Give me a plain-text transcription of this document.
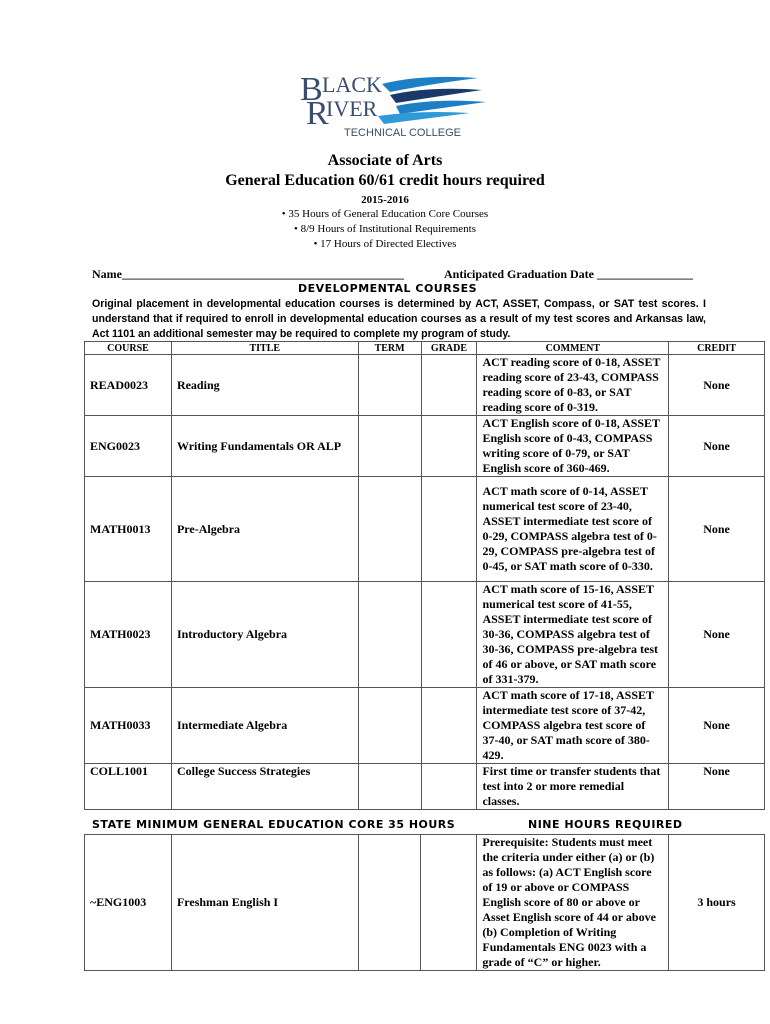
B LACK
R
IVER
TECHNICAL COLLEGE
Associate of Arts
General Education 60/61 credit hours required
2015-2016
• 35 Hours of General Education Core Courses
• 8/9 Hours of Institutional Requirements
• 17 Hours of Directed Electives
Name_______________________________________________	Anticipated Graduation Date ________________
DEVELOPMENTAL COURSES
Original placement in developmental education courses is determined by ACT, ASSET, Compass, or SAT test scores. I understand that if required to enroll in developmental education courses as a result of my test scores and Arkansas law, Act 1101 an additional semester may be required to complete my program of study.
COURSE	TITLE	TERM	GRADE	COMMENT	CREDIT
READ0023	Reading			ACT reading score of 0-18, ASSET reading score of 23-43, COMPASS reading score of 0-83, or SAT reading score of 0-319.	None
ENG0023	Writing Fundamentals OR ALP			ACT English score of 0-18, ASSET English score of 0-43, COMPASS writing score of 0-79, or SAT English score of 360-469.	None
MATH0013	Pre-Algebra			ACT math score of 0-14, ASSET numerical test score of 23-40, ASSET intermediate test score of 0-29, COMPASS algebra test of 0-29, COMPASS pre-algebra test of 0-45, or SAT math score of 0-330.	None
MATH0023	Introductory Algebra			ACT math score of 15-16, ASSET numerical test score of 41-55, ASSET intermediate test score of 30-36, COMPASS algebra test of 30-36, COMPASS pre-algebra test of 46 or above, or SAT math score of 331-379.	None
MATH0033	Intermediate Algebra			ACT math score of 17-18, ASSET intermediate test score of 37-42, COMPASS algebra test score of 37-40, or SAT math score of 380-429.	None
COLL1001	College Success Strategies			First time or transfer students that test into 2 or more remedial classes.	None
STATE MINIMUM GENERAL EDUCATION CORE 35 HOURS	NINE HOURS REQUIRED
~ENG1003	Freshman English I			Prerequisite: Students must meet the criteria under either (a) or (b) as follows: (a) ACT English score of 19 or above or COMPASS English score of 80 or above or Asset English score of 44 or above (b) Completion of Writing Fundamentals ENG 0023 with a grade of “C” or higher.	3 hours
